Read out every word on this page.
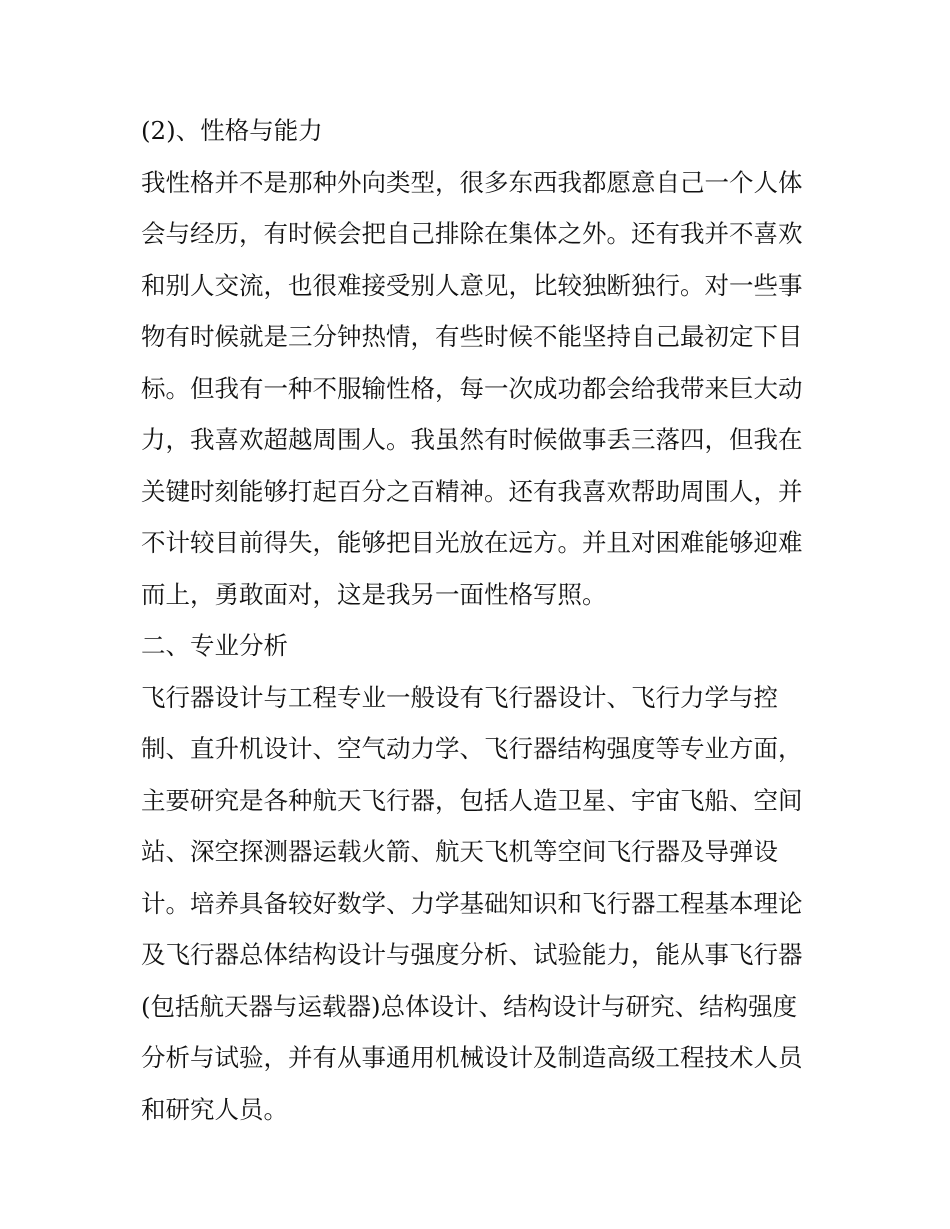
(2)、性格与能力
我性格并不是那种外向类型，很多东西我都愿意自己一个人体
会与经历，有时候会把自己排除在集体之外。还有我并不喜欢
和别人交流，也很难接受别人意见，比较独断独行。对一些事
物有时候就是三分钟热情，有些时候不能坚持自己最初定下目
标。但我有一种不服输性格，每一次成功都会给我带来巨大动
力，我喜欢超越周围人。我虽然有时候做事丢三落四，但我在
关键时刻能够打起百分之百精神。还有我喜欢帮助周围人，并
不计较目前得失，能够把目光放在远方。并且对困难能够迎难
而上，勇敢面对，这是我另一面性格写照。
二、专业分析
飞行器设计与工程专业一般设有飞行器设计、飞行力学与控
制、直升机设计、空气动力学、飞行器结构强度等专业方面，
主要研究是各种航天飞行器，包括人造卫星、宇宙飞船、空间
站、深空探测器运载火箭、航天飞机等空间飞行器及导弹设
计。培养具备较好数学、力学基础知识和飞行器工程基本理论
及飞行器总体结构设计与强度分析、试验能力，能从事飞行器
(包括航天器与运载器)总体设计、结构设计与研究、结构强度
分析与试验，并有从事通用机械设计及制造高级工程技术人员
和研究人员。
